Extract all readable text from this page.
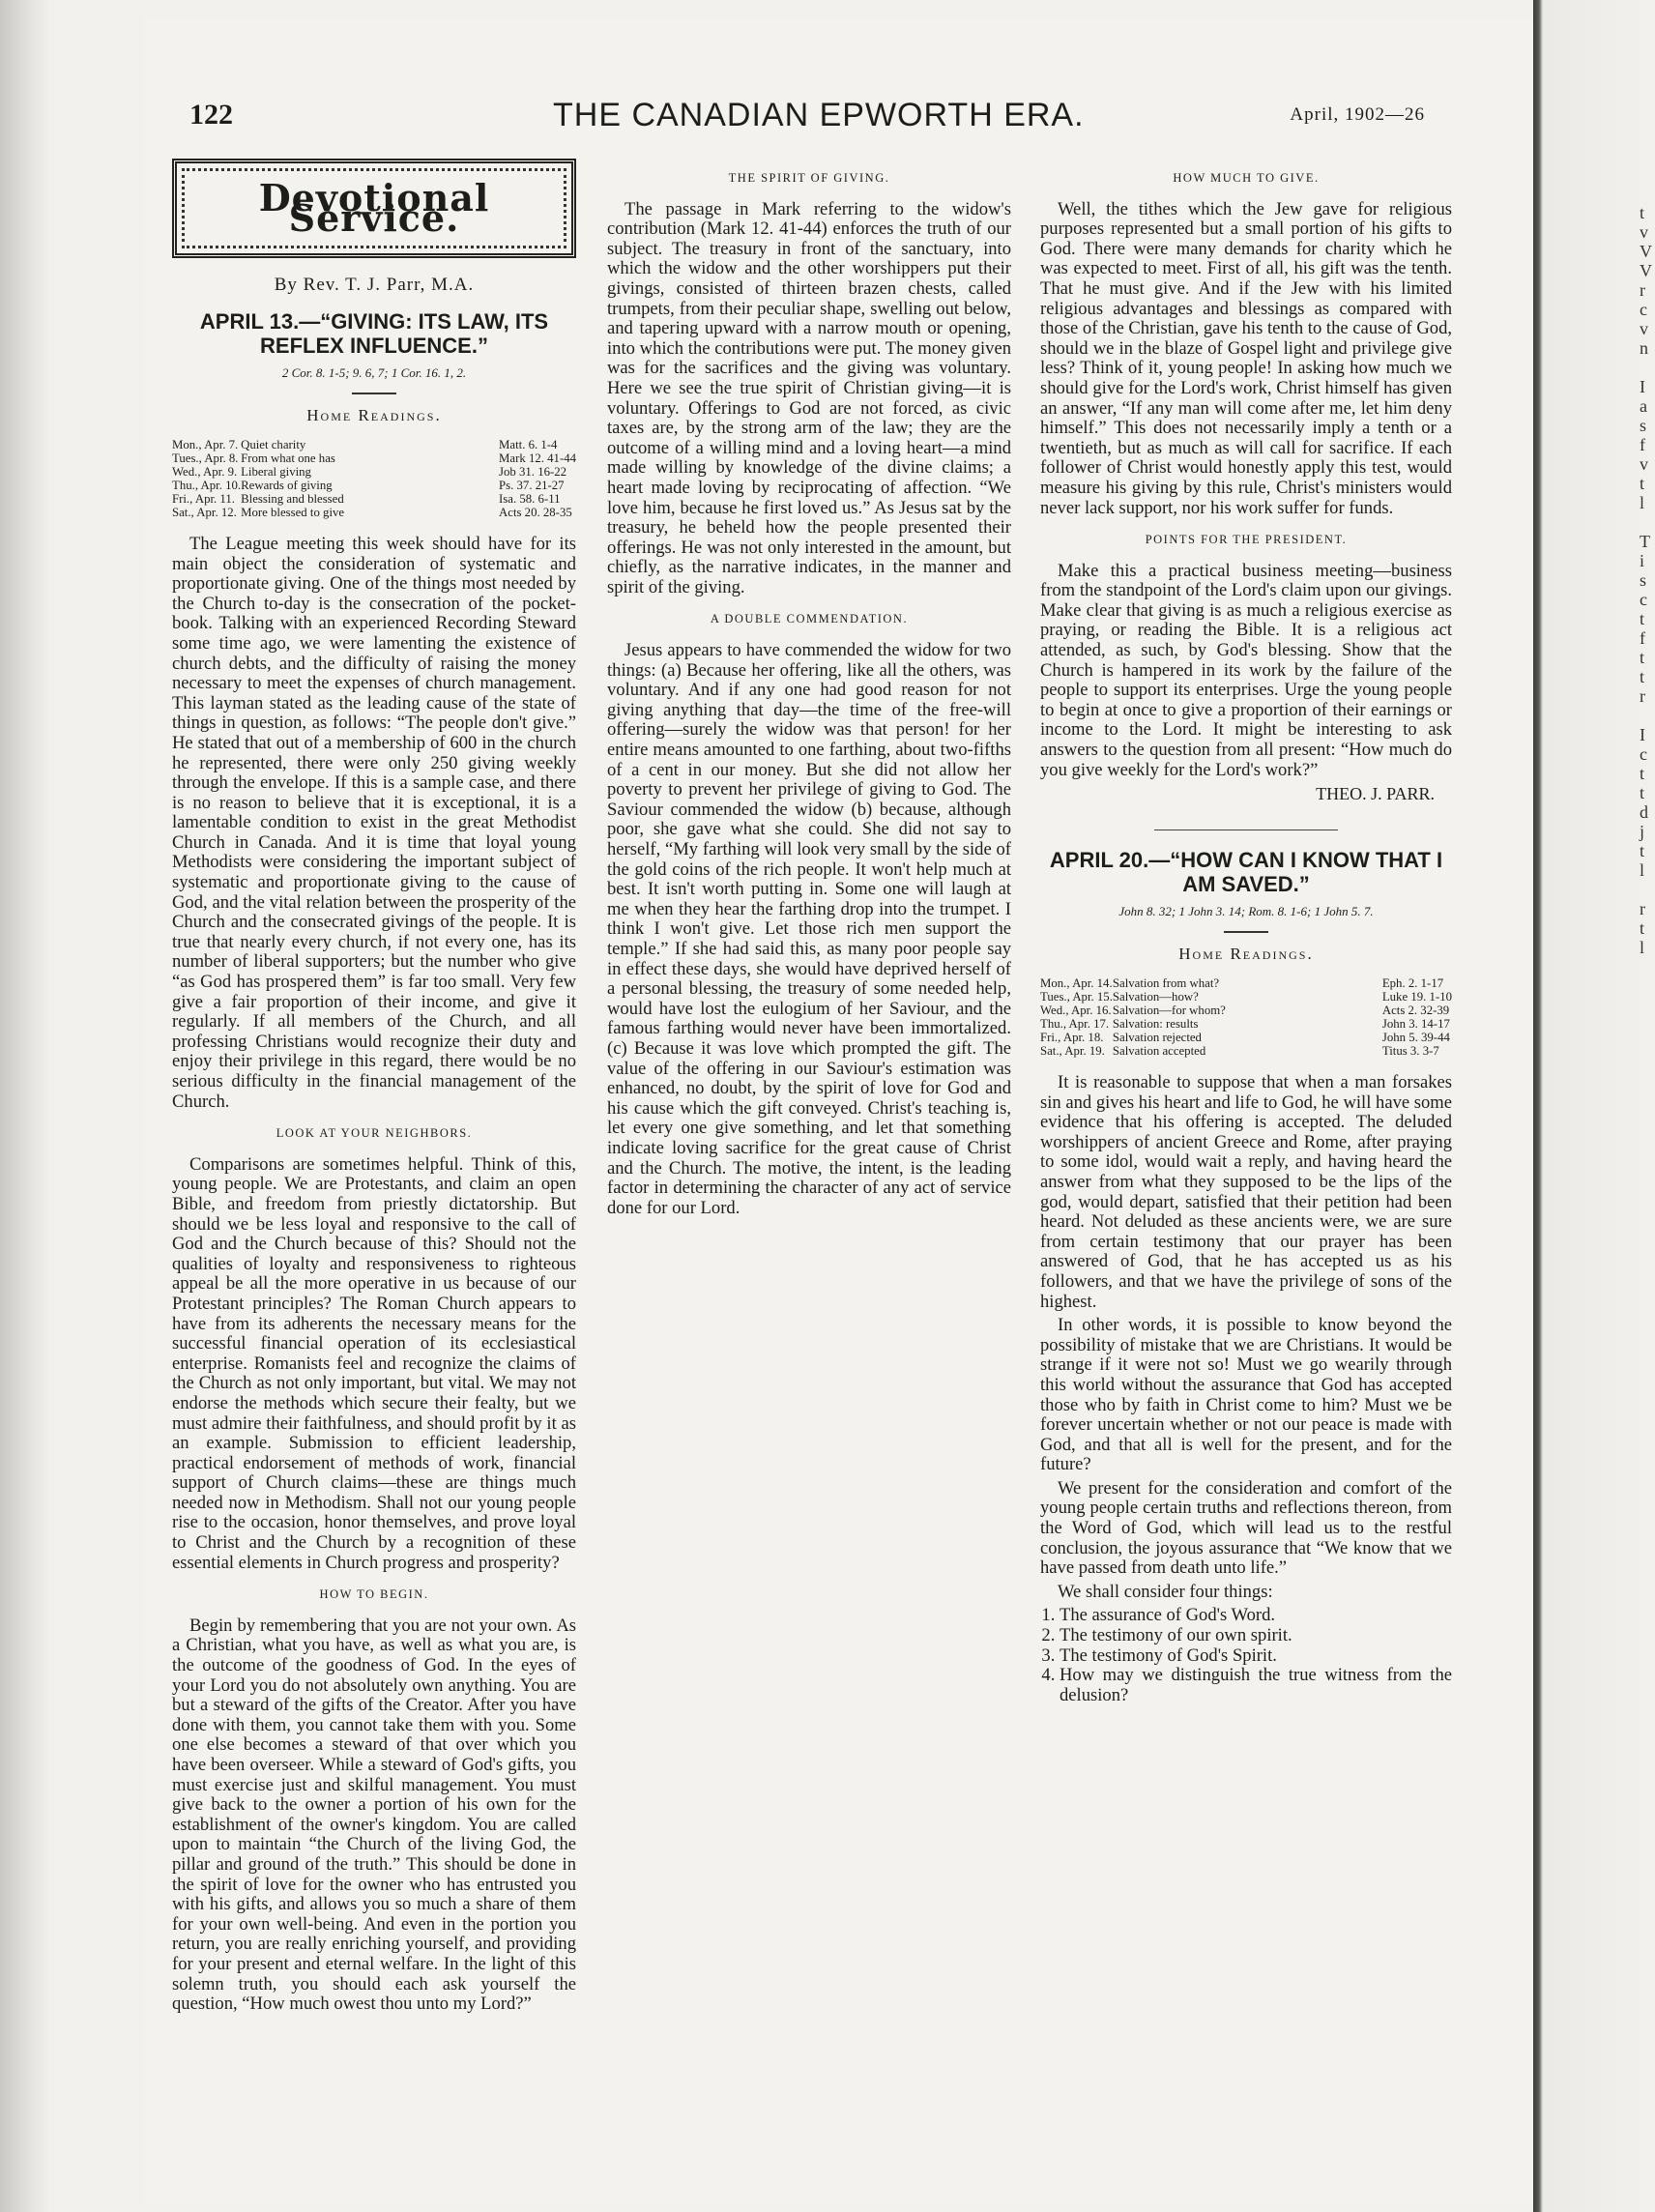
t
v
V
V
r
c
v
n

I
a
s
f
v
t
l

T
i
s
c
t
f
t
t
r

I
c
t
t
d
j
t
l

r
t
l
122	THE CANADIAN EPWORTH ERA.	April, 1902—26
Devotional Service.
By Rev. T. J. Parr, M.A.
APRIL 13.—“GIVING: ITS LAW, ITS REFLEX INFLUENCE.”
2 Cor. 8. 1-5; 9. 6, 7; 1 Cor. 16. 1, 2.
Home Readings.
Mon., Apr. 7.	Quiet charity	Matt. 6. 1-4
Tues., Apr. 8.	From what one has	Mark 12. 41-44
Wed., Apr. 9.	Liberal giving	Job 31. 16-22
Thu., Apr. 10.	Rewards of giving	Ps. 37. 21-27
Fri., Apr. 11.	Blessing and blessed	Isa. 58. 6-11
Sat., Apr. 12.	More blessed to give	Acts 20. 28-35

The League meeting this week should have for its main object the consideration of systematic and proportionate giving. One of the things most needed by the Church to-day is the consecration of the pocket-book. Talking with an experienced Recording Steward some time ago, we were lamenting the existence of church debts, and the difficulty of raising the money necessary to meet the expenses of church management. This layman stated as the leading cause of the state of things in question, as follows: “The people don't give.” He stated that out of a membership of 600 in the church he represented, there were only 250 giving weekly through the envelope. If this is a sample case, and there is no reason to believe that it is exceptional, it is a lamentable condition to exist in the great Methodist Church in Canada. And it is time that loyal young Methodists were considering the important subject of systematic and proportionate giving to the cause of God, and the vital relation between the prosperity of the Church and the consecrated givings of the people. It is true that nearly every church, if not every one, has its number of liberal supporters; but the number who give “as God has prospered them” is far too small. Very few give a fair proportion of their income, and give it regularly. If all members of the Church, and all professing Christians would recognize their duty and enjoy their privilege in this regard, there would be no serious difficulty in the financial management of the Church.

LOOK AT YOUR NEIGHBORS.

Comparisons are sometimes helpful. Think of this, young people. We are Protestants, and claim an open Bible, and freedom from priestly dictatorship. But should we be less loyal and responsive to the call of God and the Church because of this? Should not the qualities of loyalty and responsiveness to righteous appeal be all the more operative in us because of our Protestant principles? The Roman Church appears to have from its adherents the necessary means for the successful financial operation of its ecclesiastical enterprise. Romanists feel and recognize the claims of the Church as not only important, but vital. We may not endorse the methods which secure their fealty, but we must admire their faithfulness, and should profit by it as an example. Submission to efficient leadership, practical endorsement of methods of work, financial support of Church claims—these are things much needed now in Methodism. Shall not our young people rise to the occasion, honor themselves, and prove loyal to Christ and the Church by a recognition of these essential elements in Church progress and prosperity?

HOW TO BEGIN.

Begin by remembering that you are not your own. As a Christian, what you have, as well as what you are, is the outcome of the goodness of God. In the eyes of your Lord you do not absolutely own anything. You are but a steward of the gifts of the Creator. After you have done with them, you cannot take them with you. Some one else becomes a steward of that over which you have been overseer. While a steward of God's gifts, you must exercise just and skilful management. You must give back to the owner a portion of his own for the establishment of the owner's kingdom. You are called upon to maintain “the Church of the living God, the pillar and ground of the truth.” This should be done in the spirit of love for the owner who has entrusted you with his gifts, and allows you so much a share of them for your own well-being. And even in the portion you return, you are really enriching yourself, and providing for your present and eternal welfare. In the light of this solemn truth, you should each ask yourself the question, “How much owest thou unto my Lord?”

THE SPIRIT OF GIVING.

The passage in Mark referring to the widow's contribution (Mark 12. 41-44) enforces the truth of our subject. The treasury in front of the sanctuary, into which the widow and the other worshippers put their givings, consisted of thirteen brazen chests, called trumpets, from their peculiar shape, swelling out below, and tapering upward with a narrow mouth or opening, into which the contributions were put. The money given was for the sacrifices and the giving was voluntary. Here we see the true spirit of Christian giving—it is voluntary. Offerings to God are not forced, as civic taxes are, by the strong arm of the law; they are the outcome of a willing mind and a loving heart—a mind made willing by knowledge of the divine claims; a heart made loving by reciprocating of affection. “We love him, because he first loved us.” As Jesus sat by the treasury, he beheld how the people presented their offerings. He was not only interested in the amount, but chiefly, as the narrative indicates, in the manner and spirit of the giving.

A DOUBLE COMMENDATION.

Jesus appears to have commended the widow for two things: (a) Because her offering, like all the others, was voluntary. And if any one had good reason for not giving anything that day—the time of the free-will offering—surely the widow was that person! for her entire means amounted to one farthing, about two-fifths of a cent in our money. But she did not allow her poverty to prevent her privilege of giving to God. The Saviour commended the widow (b) because, although poor, she gave what she could. She did not say to herself, “My farthing will look very small by the side of the gold coins of the rich people. It won't help much at best. It isn't worth putting in. Some one will laugh at me when they hear the farthing drop into the trumpet. I think I won't give. Let those rich men support the temple.” If she had said this, as many poor people say in effect these days, she would have deprived herself of a personal blessing, the treasury of some needed help, would have lost the eulogium of her Saviour, and the famous farthing would never have been immortalized. (c) Because it was love which prompted the gift. The value of the offering in our Saviour's estimation was enhanced, no doubt, by the spirit of love for God and his cause which the gift conveyed. Christ's teaching is, let every one give something, and let that something indicate loving sacrifice for the great cause of Christ and the Church. The motive, the intent, is the leading factor in determining the character of any act of service done for our Lord.

HOW MUCH TO GIVE.

Well, the tithes which the Jew gave for religious purposes represented but a small portion of his gifts to God. There were many demands for charity which he was expected to meet. First of all, his gift was the tenth. That he must give. And if the Jew with his limited religious advantages and blessings as compared with those of the Christian, gave his tenth to the cause of God, should we in the blaze of Gospel light and privilege give less? Think of it, young people! In asking how much we should give for the Lord's work, Christ himself has given an answer, “If any man will come after me, let him deny himself.” This does not necessarily imply a tenth or a twentieth, but as much as will call for sacrifice. If each follower of Christ would honestly apply this test, would measure his giving by this rule, Christ's ministers would never lack support, nor his work suffer for funds.

POINTS FOR THE PRESIDENT.

Make this a practical business meeting—business from the standpoint of the Lord's claim upon our givings. Make clear that giving is as much a religious exercise as praying, or reading the Bible. It is a religious act attended, as such, by God's blessing. Show that the Church is hampered in its work by the failure of the people to support its enterprises. Urge the young people to begin at once to give a proportion of their earnings or income to the Lord. It might be interesting to ask answers to the question from all present: “How much do you give weekly for the Lord's work?”

THEO. J. PARR.
APRIL 20.—“HOW CAN I KNOW THAT I AM SAVED.”
John 8. 32; 1 John 3. 14; Rom. 8. 1-6; 1 John 5. 7.
Home Readings.
Mon., Apr. 14.	Salvation from what?	Eph. 2. 1-17
Tues., Apr. 15.	Salvation—how?	Luke 19. 1-10
Wed., Apr. 16.	Salvation—for whom?	Acts 2. 32-39
Thu., Apr. 17.	Salvation: results	John 3. 14-17
Fri., Apr. 18.	Salvation rejected	John 5. 39-44
Sat., Apr. 19.	Salvation accepted	Titus 3. 3-7

It is reasonable to suppose that when a man forsakes sin and gives his heart and life to God, he will have some evidence that his offering is accepted. The deluded worshippers of ancient Greece and Rome, after praying to some idol, would wait a reply, and having heard the answer from what they supposed to be the lips of the god, would depart, satisfied that their petition had been heard. Not deluded as these ancients were, we are sure from certain testimony that our prayer has been answered of God, that he has accepted us as his followers, and that we have the privilege of sons of the highest.

In other words, it is possible to know beyond the possibility of mistake that we are Christians. It would be strange if it were not so! Must we go wearily through this world without the assurance that God has accepted those who by faith in Christ come to him? Must we be forever uncertain whether or not our peace is made with God, and that all is well for the present, and for the future?

We present for the consideration and comfort of the young people certain truths and reflections thereon, from the Word of God, which will lead us to the restful conclusion, the joyous assurance that “We know that we have passed from death unto life.”

We shall consider four things:

1. The assurance of God's Word.
2. The testimony of our own spirit.
3. The testimony of God's Spirit.
4. How may we distinguish the true witness from the delusion?
